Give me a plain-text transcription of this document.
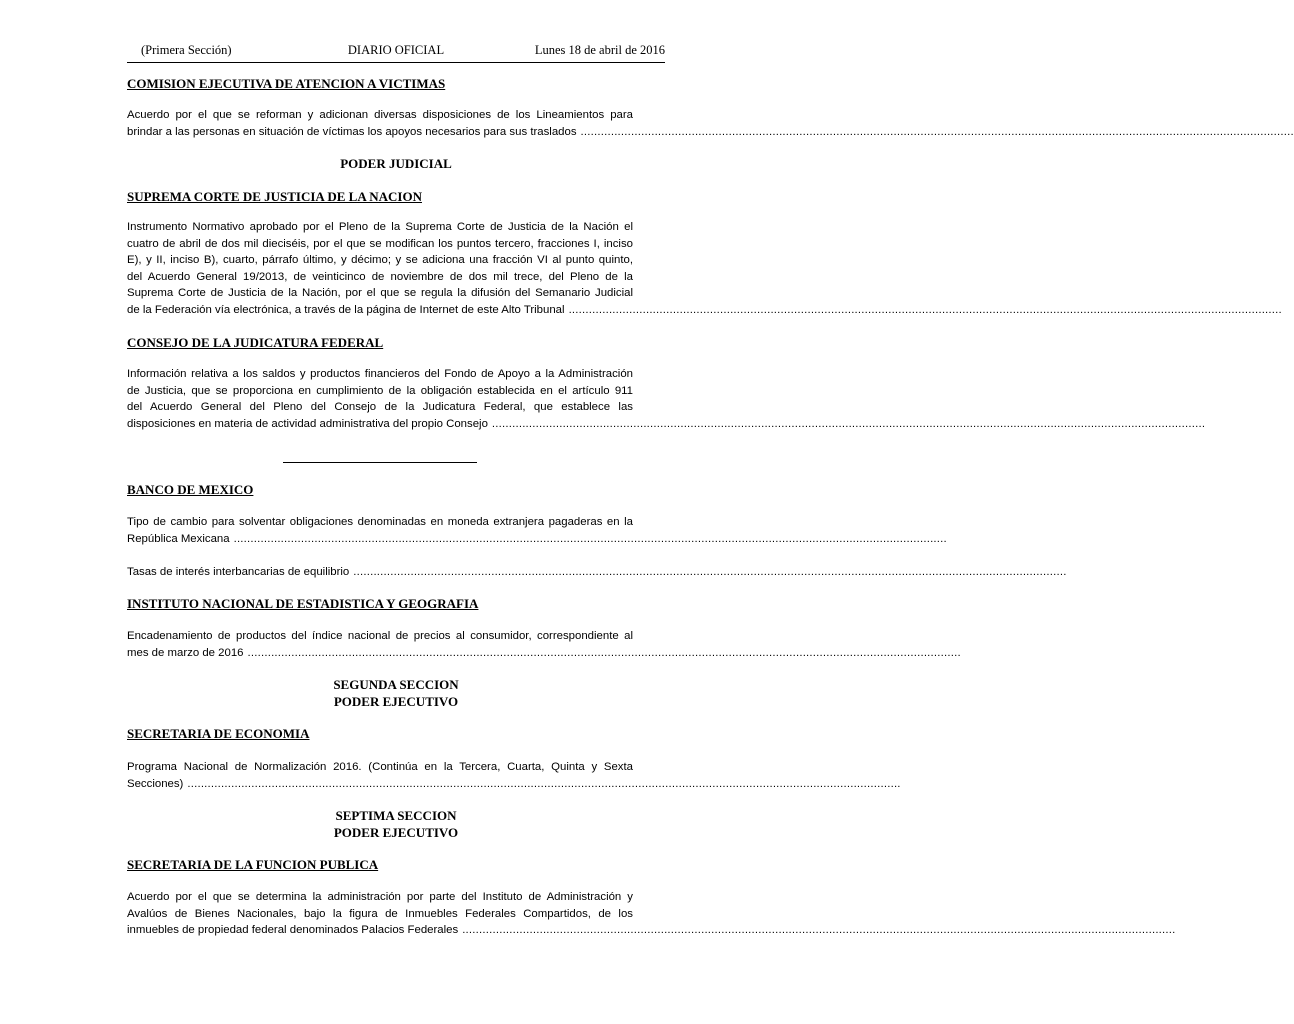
(Primera Sección)	DIARIO OFICIAL	Lunes 18 de abril de 2016
COMISION EJECUTIVA DE ATENCION A VICTIMAS
Acuerdo por el que se reforman y adicionan diversas disposiciones de los Lineamientos para
brindar a las personas en situación de víctimas los apoyos necesarios para sus traslados ....................................................................................................................................................................................................................
PODER JUDICIAL
SUPREMA CORTE DE JUSTICIA DE LA NACION
Instrumento Normativo aprobado por el Pleno de la Suprema Corte de Justicia de la Nación el
cuatro de abril de dos mil dieciséis, por el que se modifican los puntos tercero, fracciones I, inciso
E), y II, inciso B), cuarto, párrafo último, y décimo; y se adiciona una fracción VI al punto quinto,
del Acuerdo General 19/2013, de veinticinco de noviembre de dos mil trece, del Pleno de la
Suprema Corte de Justicia de la Nación, por el que se regula la difusión del Semanario Judicial
de la Federación vía electrónica, a través de la página de Internet de este Alto Tribunal ....................................................................................................................................................................................................................
CONSEJO DE LA JUDICATURA FEDERAL
Información relativa a los saldos y productos financieros del Fondo de Apoyo a la Administración
de Justicia, que se proporciona en cumplimiento de la obligación establecida en el artículo 911
del Acuerdo General del Pleno del Consejo de la Judicatura Federal, que establece las
disposiciones en materia de actividad administrativa del propio Consejo ....................................................................................................................................................................................................................
BANCO DE MEXICO
Tipo de cambio para solventar obligaciones denominadas en moneda extranjera pagaderas en la
República Mexicana ....................................................................................................................................................................................................................
Tasas de interés interbancarias de equilibrio ....................................................................................................................................................................................................................
INSTITUTO NACIONAL DE ESTADISTICA Y GEOGRAFIA
Encadenamiento de productos del índice nacional de precios al consumidor, correspondiente al
mes de marzo de 2016 ....................................................................................................................................................................................................................
SEGUNDA SECCION
PODER EJECUTIVO
SECRETARIA DE ECONOMIA
Programa Nacional de Normalización 2016. (Continúa en la Tercera, Cuarta, Quinta y Sexta
Secciones) ....................................................................................................................................................................................................................
SEPTIMA SECCION
PODER EJECUTIVO
SECRETARIA DE LA FUNCION PUBLICA
Acuerdo por el que se determina la administración por parte del Instituto de Administración y
Avalúos de Bienes Nacionales, bajo la figura de Inmuebles Federales Compartidos, de los
inmuebles de propiedad federal denominados Palacios Federales ....................................................................................................................................................................................................................
